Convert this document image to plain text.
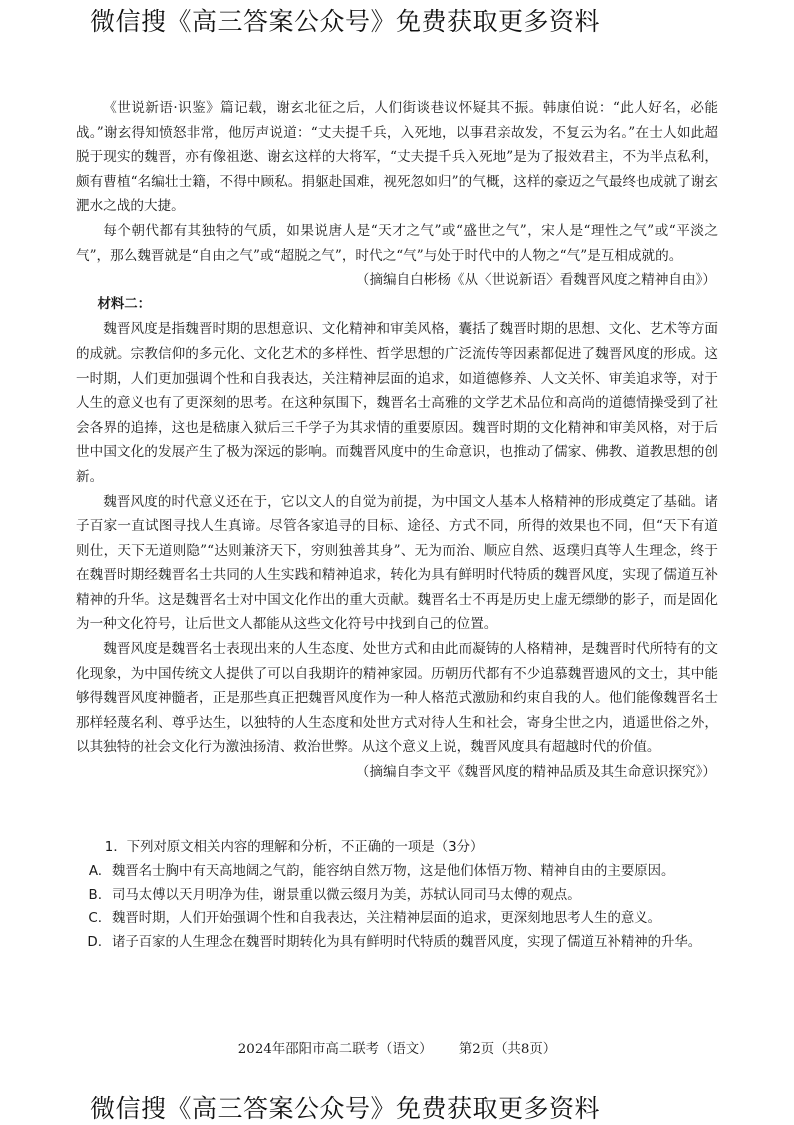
微信搜《高三答案公众号》免费获取更多资料

《世说新语·识鉴》篇记载，谢玄北征之后，人们街谈巷议怀疑其不振。韩康伯说：“此人好名，必能战。”谢玄得知愤怒非常，他厉声说道：“丈夫提千兵，入死地，以事君亲故发，不复云为名。”在士人如此超脱于现实的魏晋，亦有像祖逖、谢玄这样的大将军，“丈夫提千兵入死地”是为了报效君主，不为半点私利，颇有曹植“名编壮士籍，不得中顾私。捐躯赴国难，视死忽如归”的气概，这样的豪迈之气最终也成就了谢玄淝水之战的大捷。

每个朝代都有其独特的气质，如果说唐人是“天才之气”或“盛世之气”，宋人是“理性之气”或“平淡之气”，那么魏晋就是“自由之气”或“超脱之气”，时代之“气”与处于时代中的人物之“气”是互相成就的。

（摘编自白彬杨《从〈世说新语〉看魏晋风度之精神自由》）

材料二：

魏晋风度是指魏晋时期的思想意识、文化精神和审美风格，囊括了魏晋时期的思想、文化、艺术等方面的成就。宗教信仰的多元化、文化艺术的多样性、哲学思想的广泛流传等因素都促进了魏晋风度的形成。这一时期，人们更加强调个性和自我表达，关注精神层面的追求，如道德修养、人文关怀、审美追求等，对于人生的意义也有了更深刻的思考。在这种氛围下，魏晋名士高雅的文学艺术品位和高尚的道德情操受到了社会各界的追捧，这也是嵇康入狱后三千学子为其求情的重要原因。魏晋时期的文化精神和审美风格，对于后世中国文化的发展产生了极为深远的影响。而魏晋风度中的生命意识，也推动了儒家、佛教、道教思想的创新。

魏晋风度的时代意义还在于，它以文人的自觉为前提，为中国文人基本人格精神的形成奠定了基础。诸子百家一直试图寻找人生真谛。尽管各家追寻的目标、途径、方式不同，所得的效果也不同，但“天下有道则仕，天下无道则隐”“达则兼济天下，穷则独善其身”、无为而治、顺应自然、返璞归真等人生理念，终于在魏晋时期经魏晋名士共同的人生实践和精神追求，转化为具有鲜明时代特质的魏晋风度，实现了儒道互补精神的升华。这是魏晋名士对中国文化作出的重大贡献。魏晋名士不再是历史上虚无缥缈的影子，而是固化为一种文化符号，让后世文人都能从这些文化符号中找到自己的位置。

魏晋风度是魏晋名士表现出来的人生态度、处世方式和由此而凝铸的人格精神，是魏晋时代所特有的文化现象，为中国传统文人提供了可以自我期许的精神家园。历朝历代都有不少追慕魏晋遗风的文士，其中能够得魏晋风度神髓者，正是那些真正把魏晋风度作为一种人格范式激励和约束自我的人。他们能像魏晋名士那样轻蔑名利、尊乎达生，以独特的人生态度和处世方式对待人生和社会，寄身尘世之内，逍遥世俗之外，以其独特的社会文化行为激浊扬清、救治世弊。从这个意义上说，魏晋风度具有超越时代的价值。

（摘编自李文平《魏晋风度的精神品质及其生命意识探究》）

1．下列对原文相关内容的理解和分析，不正确的一项是（3分）

A. 魏晋名士胸中有天高地阔之气韵，能容纳自然万物，这是他们体悟万物、精神自由的主要原因。
B. 司马太傅以天月明净为佳，谢景重以微云缀月为美，苏轼认同司马太傅的观点。
C. 魏晋时期，人们开始强调个性和自我表达，关注精神层面的追求，更深刻地思考人生的意义。
D. 诸子百家的人生理念在魏晋时期转化为具有鲜明时代特质的魏晋风度，实现了儒道互补精神的升华。
2024年邵阳市高二联考（语文） 第2页（共8页）
微信搜《高三答案公众号》免费获取更多资料
